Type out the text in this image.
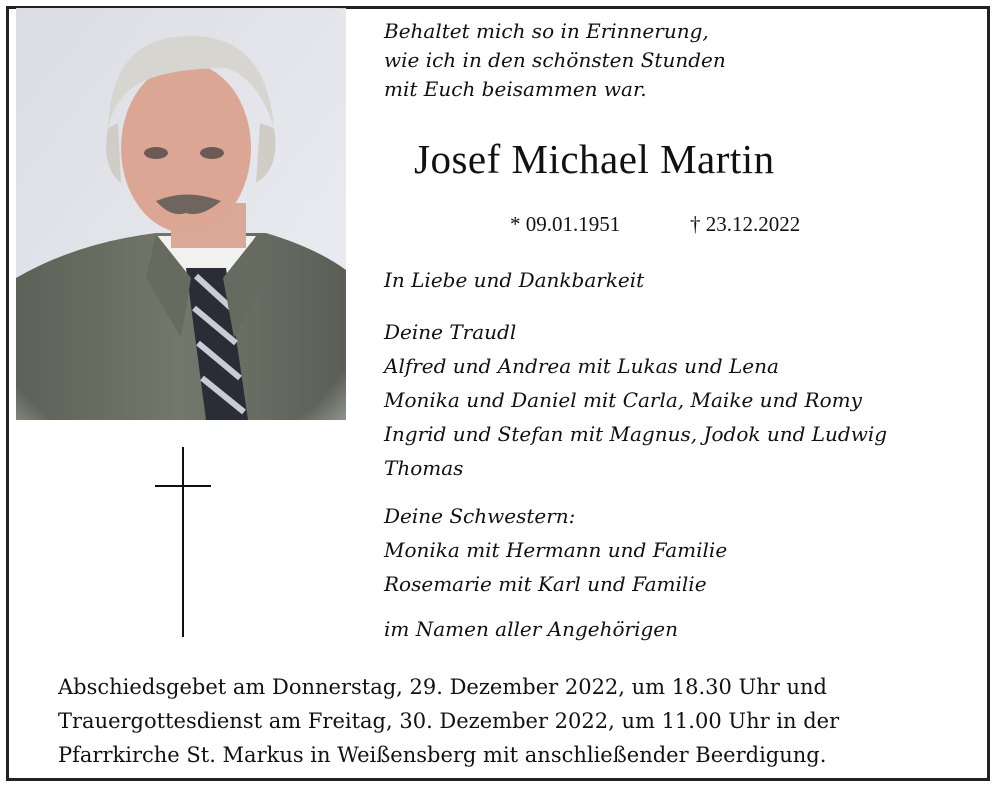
Behaltet mich so in Erinnerung,
wie ich in den schönsten Stunden
mit Euch beisammen war.
Josef Michael Martin
* 09.01.1951	† 23.12.2022
In Liebe und Dankbarkeit
Deine Traudl
Alfred und Andrea mit Lukas und Lena
Monika und Daniel mit Carla, Maike und Romy
Ingrid und Stefan mit Magnus, Jodok und Ludwig
Thomas
Deine Schwestern:
Monika mit Hermann und Familie
Rosemarie mit Karl und Familie
im Namen aller Angehörigen
Abschiedsgebet am Donnerstag, 29. Dezember 2022, um 18.30 Uhr und
Trauergottesdienst am Freitag, 30. Dezember 2022, um 11.00 Uhr in der
Pfarrkirche St. Markus in Weißensberg mit anschließender Beerdigung.
